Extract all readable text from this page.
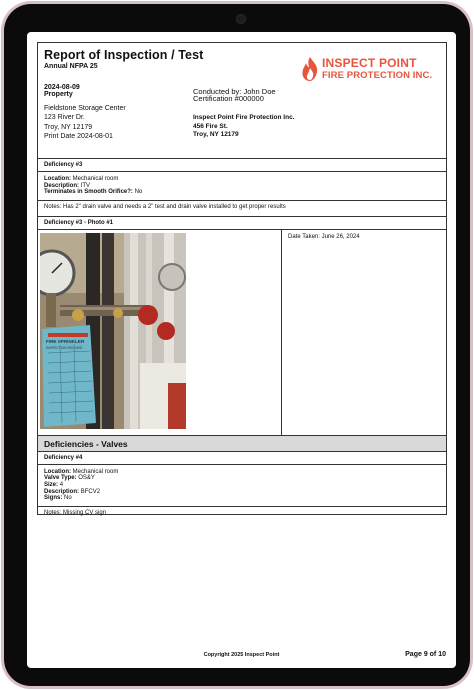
Report of Inspection / Test
Annual NFPA 25	INSPECT POINT
FIRE PROTECTION INC.
2024-08-09
Property
Fieldstone Storage Center
123 River Dr.
Troy, NY 12179
Print Date 2024-08-01
Conducted by: John Doe
Certification #000000
Inspect Point Fire Protection Inc.
456 Fire St.
Troy, NY 12179
Deficiency #3
Location: Mechanical room
Description: ITV
Terminates in Smooth Orifice?: No
Notes: Has 2" drain valve and needs a 2" test and drain valve installed to get proper results
Deficiency #3 - Photo #1
FIRE SPRINKLER
INSPECTION RECORD
Date Taken: June 26, 2024
Deficiencies - Valves
Deficiency #4
Location: Mechanical room
Valve Type: OS&Y
Size: 4
Description: BFCV2
Signs: No
Notes: Missing CV sign
Copyright 2025 Inspect Point	Page 9 of 10
